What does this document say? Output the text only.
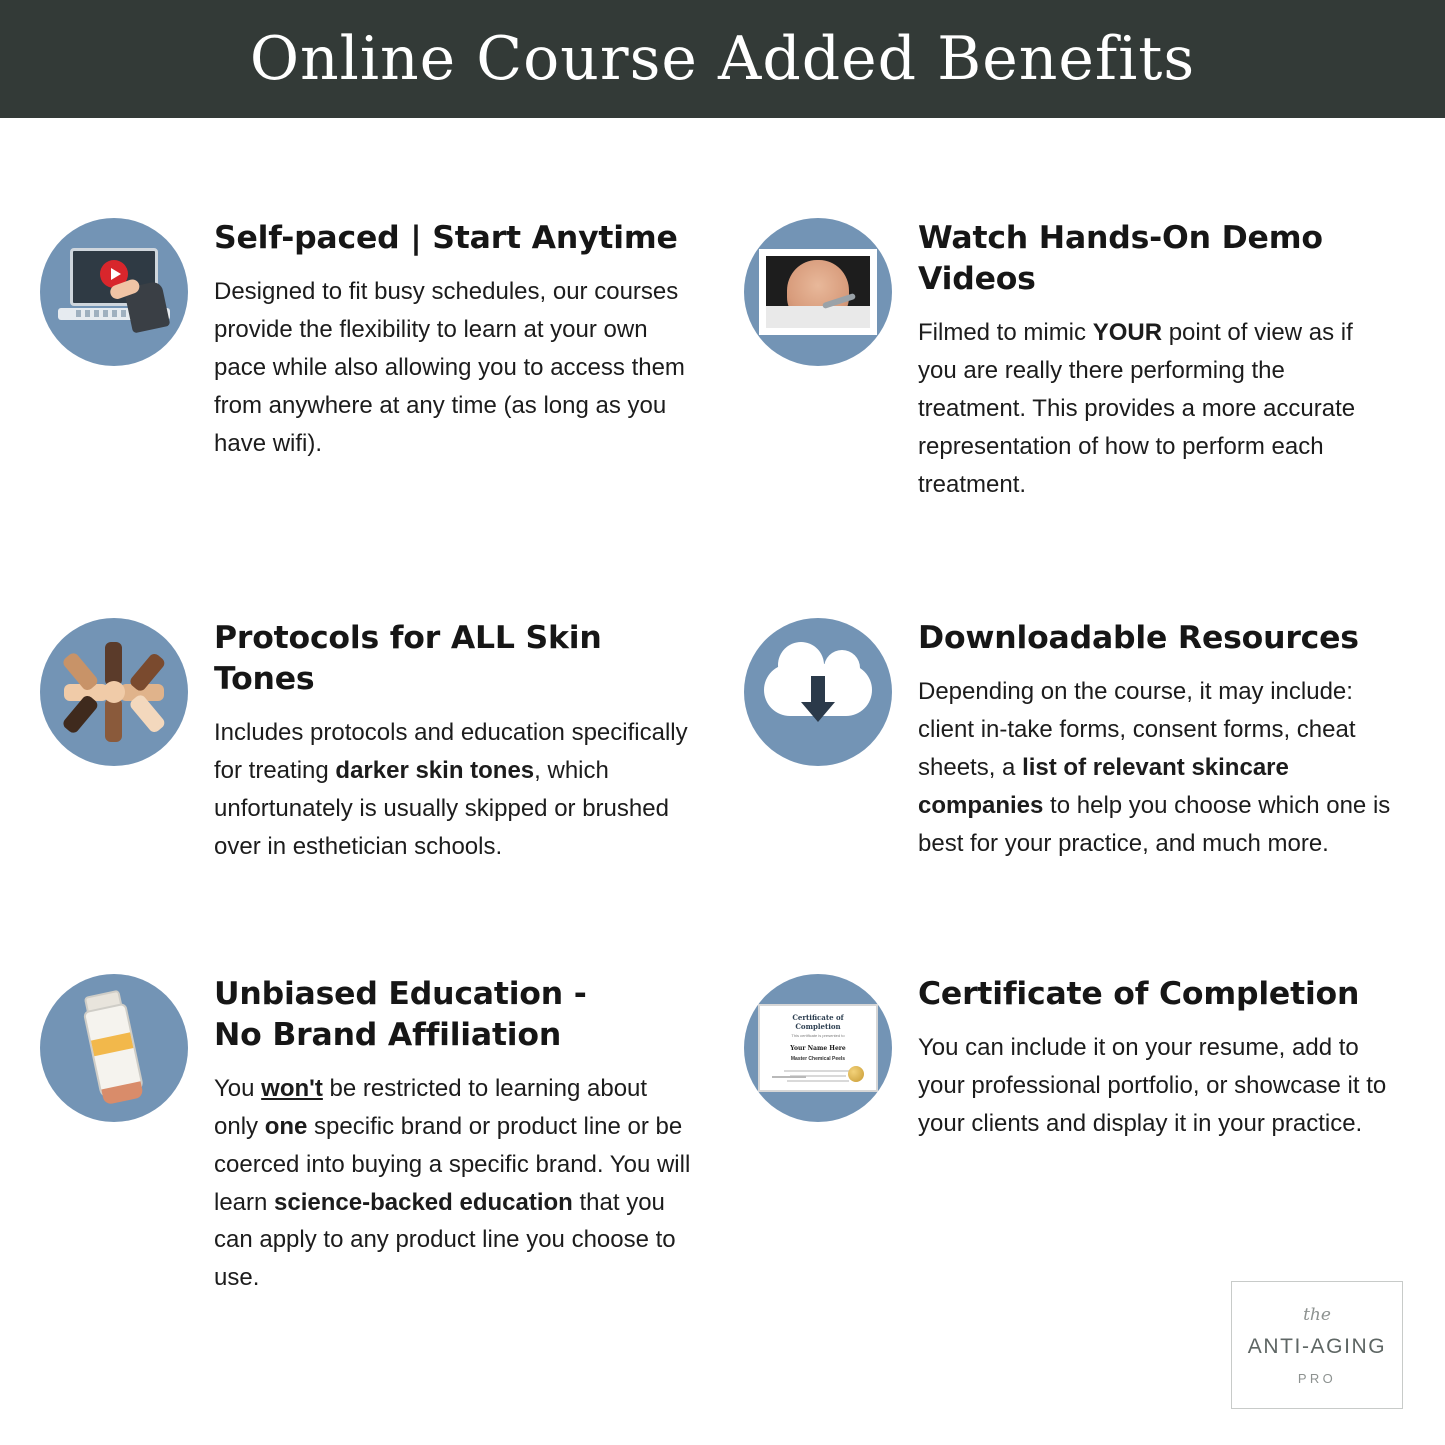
Online Course Added Benefits
Self-paced | Start Anytime

Designed to fit busy schedules, our courses provide the flexibility to learn at your own pace while also allowing you to access them from anywhere at any time (as long as you have wifi).

Watch Hands-On Demo Videos

Filmed to mimic YOUR point of view as if you are really there performing the treatment. This provides a more accurate representation of how to perform each treatment.

Protocols for ALL Skin Tones

Includes protocols and education specifically for treating darker skin tones, which unfortunately is usually skipped or brushed over in esthetician schools.

Downloadable Resources

Depending on the course, it may include: client in-take forms, consent forms, cheat sheets, a list of relevant skincare companies to help you choose which one is best for your practice, and much more.

Unbiased Education -
No Brand Affiliation

You won't be restricted to learning about only one specific brand or product line or be coerced into buying a specific brand. You will learn science-backed education that you can apply to any product line you choose to use.

Certificate of Completion
This certificate is presented to
Your Name Here
Master Chemical Peels
Certificate of Completion

You can include it on your resume, add to your professional portfolio, or showcase it to your clients and display it in your practice.

the
ANTI-AGING
PRO
